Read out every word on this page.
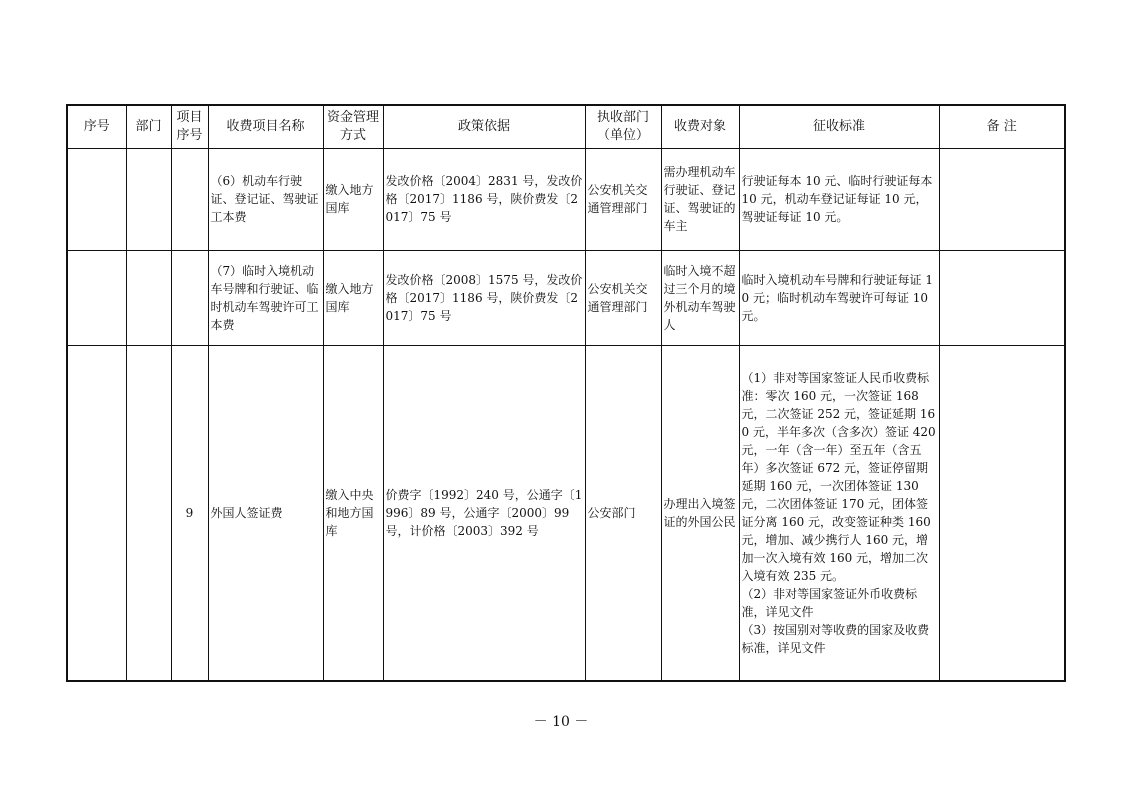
序号	部门	项目序号	收费项目名称	资金管理方式	政策依据	执收部门（单位）	收费对象	征收标准	备 注
			（6）机动车行驶证、登记证、驾驶证工本费	缴入地方国库	发改价格〔2004〕2831 号，发改价格〔2017〕1186 号，陕价费发〔2017〕75 号	公安机关交通管理部门	需办理机动车行驶证、登记证、驾驶证的车主	行驶证每本 10 元、临时行驶证每本 10 元，机动车登记证每证 10 元，驾驶证每证 10 元。	
			（7）临时入境机动车号牌和行驶证、临时机动车驾驶许可工本费	缴入地方国库	发改价格〔2008〕1575 号，发改价格〔2017〕1186 号，陕价费发〔2017〕75 号	公安机关交通管理部门	临时入境不超过三个月的境外机动车驾驶人	临时入境机动车号牌和行驶证每证 10 元；临时机动车驾驶许可每证 10 元。	
		9	外国人签证费	缴入中央和地方国库	价费字〔1992〕240 号，公通字〔1996〕89 号，公通字〔2000〕99 号，计价格〔2003〕392 号	公安部门	办理出入境签证的外国公民	（1）非对等国家签证人民币收费标准：零次 160 元，一次签证 168 元，二次签证 252 元，签证延期 160 元，半年多次（含多次）签证 420 元，一年（含一年）至五年（含五年）多次签证 672 元，签证停留期延期 160 元，一次团体签证 130 元，二次团体签证 170 元，团体签证分离 160 元，改变签证种类 160 元，增加、减少携行人 160 元，增加一次入境有效 160 元，增加二次入境有效 235 元。

（2）非对等国家签证外币收费标准，详见文件

（3）按国别对等收费的国家及收费标准，详见文件	

－ 10 －
